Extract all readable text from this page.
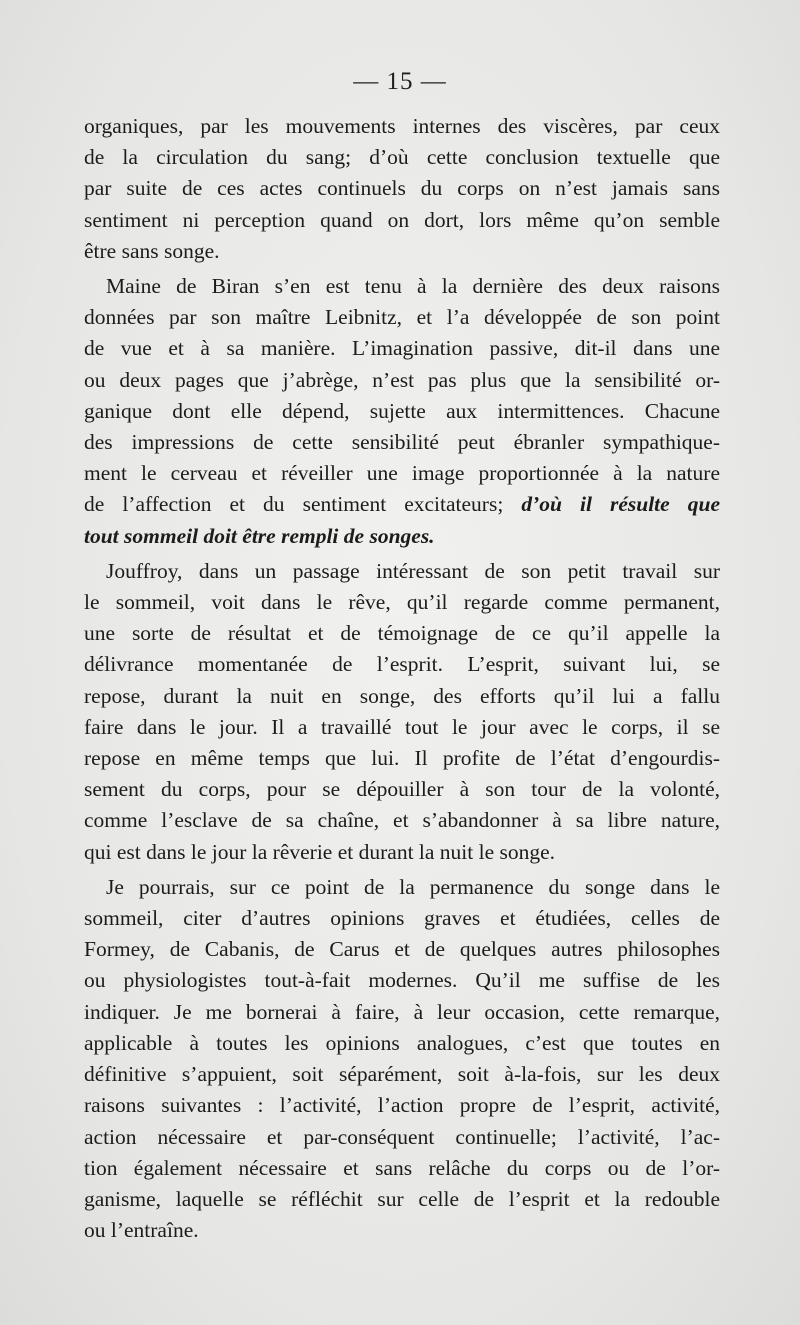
— 15 —
organiques, par les mouvements internes des viscères, par ceux
de la circulation du sang; d’où cette conclusion textuelle que
par suite de ces actes continuels du corps on n’est jamais sans
sentiment ni perception quand on dort, lors même qu’on semble
être sans songe.
Maine de Biran s’en est tenu à la dernière des deux raisons
données par son maître Leibnitz, et l’a développée de son point
de vue et à sa manière. L’imagination passive, dit-il dans une
ou deux pages que j’abrège, n’est pas plus que la sensibilité or-
ganique dont elle dépend, sujette aux intermittences. Chacune
des impressions de cette sensibilité peut ébranler sympathique-
ment le cerveau et réveiller une image proportionnée à la nature
de l’affection et du sentiment excitateurs; d’où il résulte que
tout sommeil doit être rempli de songes.
Jouffroy, dans un passage intéressant de son petit travail sur
le sommeil, voit dans le rêve, qu’il regarde comme permanent,
une sorte de résultat et de témoignage de ce qu’il appelle la
délivrance momentanée de l’esprit. L’esprit, suivant lui, se
repose, durant la nuit en songe, des efforts qu’il lui a fallu
faire dans le jour. Il a travaillé tout le jour avec le corps, il se
repose en même temps que lui. Il profite de l’état d’engourdis-
sement du corps, pour se dépouiller à son tour de la volonté,
comme l’esclave de sa chaîne, et s’abandonner à sa libre nature,
qui est dans le jour la rêverie et durant la nuit le songe.
Je pourrais, sur ce point de la permanence du songe dans le
sommeil, citer d’autres opinions graves et étudiées, celles de
Formey, de Cabanis, de Carus et de quelques autres philosophes
ou physiologistes tout-à-fait modernes. Qu’il me suffise de les
indiquer. Je me bornerai à faire, à leur occasion, cette remarque,
applicable à toutes les opinions analogues, c’est que toutes en
définitive s’appuient, soit séparément, soit à-la-fois, sur les deux
raisons suivantes : l’activité, l’action propre de l’esprit, activité,
action nécessaire et par-conséquent continuelle; l’activité, l’ac-
tion également nécessaire et sans relâche du corps ou de l’or-
ganisme, laquelle se réfléchit sur celle de l’esprit et la redouble
ou l’entraîne.
